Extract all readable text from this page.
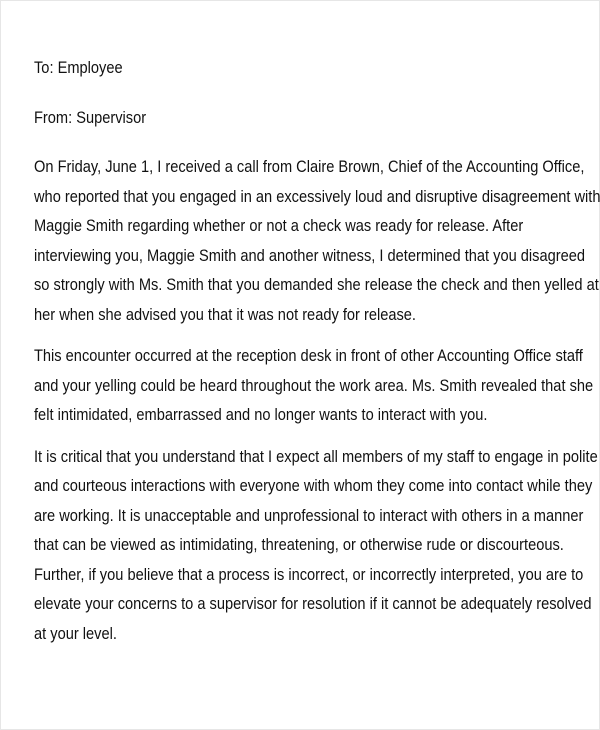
To: Employee

From: Supervisor

On Friday, June 1, I received a call from Claire Brown, Chief of the Accounting Office,
who reported that you engaged in an excessively loud and disruptive disagreement with
Maggie Smith regarding whether or not a check was ready for release. After
interviewing you, Maggie Smith and another witness, I determined that you disagreed
so strongly with Ms. Smith that you demanded she release the check and then yelled at
her when she advised you that it was not ready for release.
This encounter occurred at the reception desk in front of other Accounting Office staff
and your yelling could be heard throughout the work area. Ms. Smith revealed that she
felt intimidated, embarrassed and no longer wants to interact with you.
It is critical that you understand that I expect all members of my staff to engage in polite
and courteous interactions with everyone with whom they come into contact while they
are working. It is unacceptable and unprofessional to interact with others in a manner
that can be viewed as intimidating, threatening, or otherwise rude or discourteous.
Further, if you believe that a process is incorrect, or incorrectly interpreted, you are to
elevate your concerns to a supervisor for resolution if it cannot be adequately resolved
at your level.
